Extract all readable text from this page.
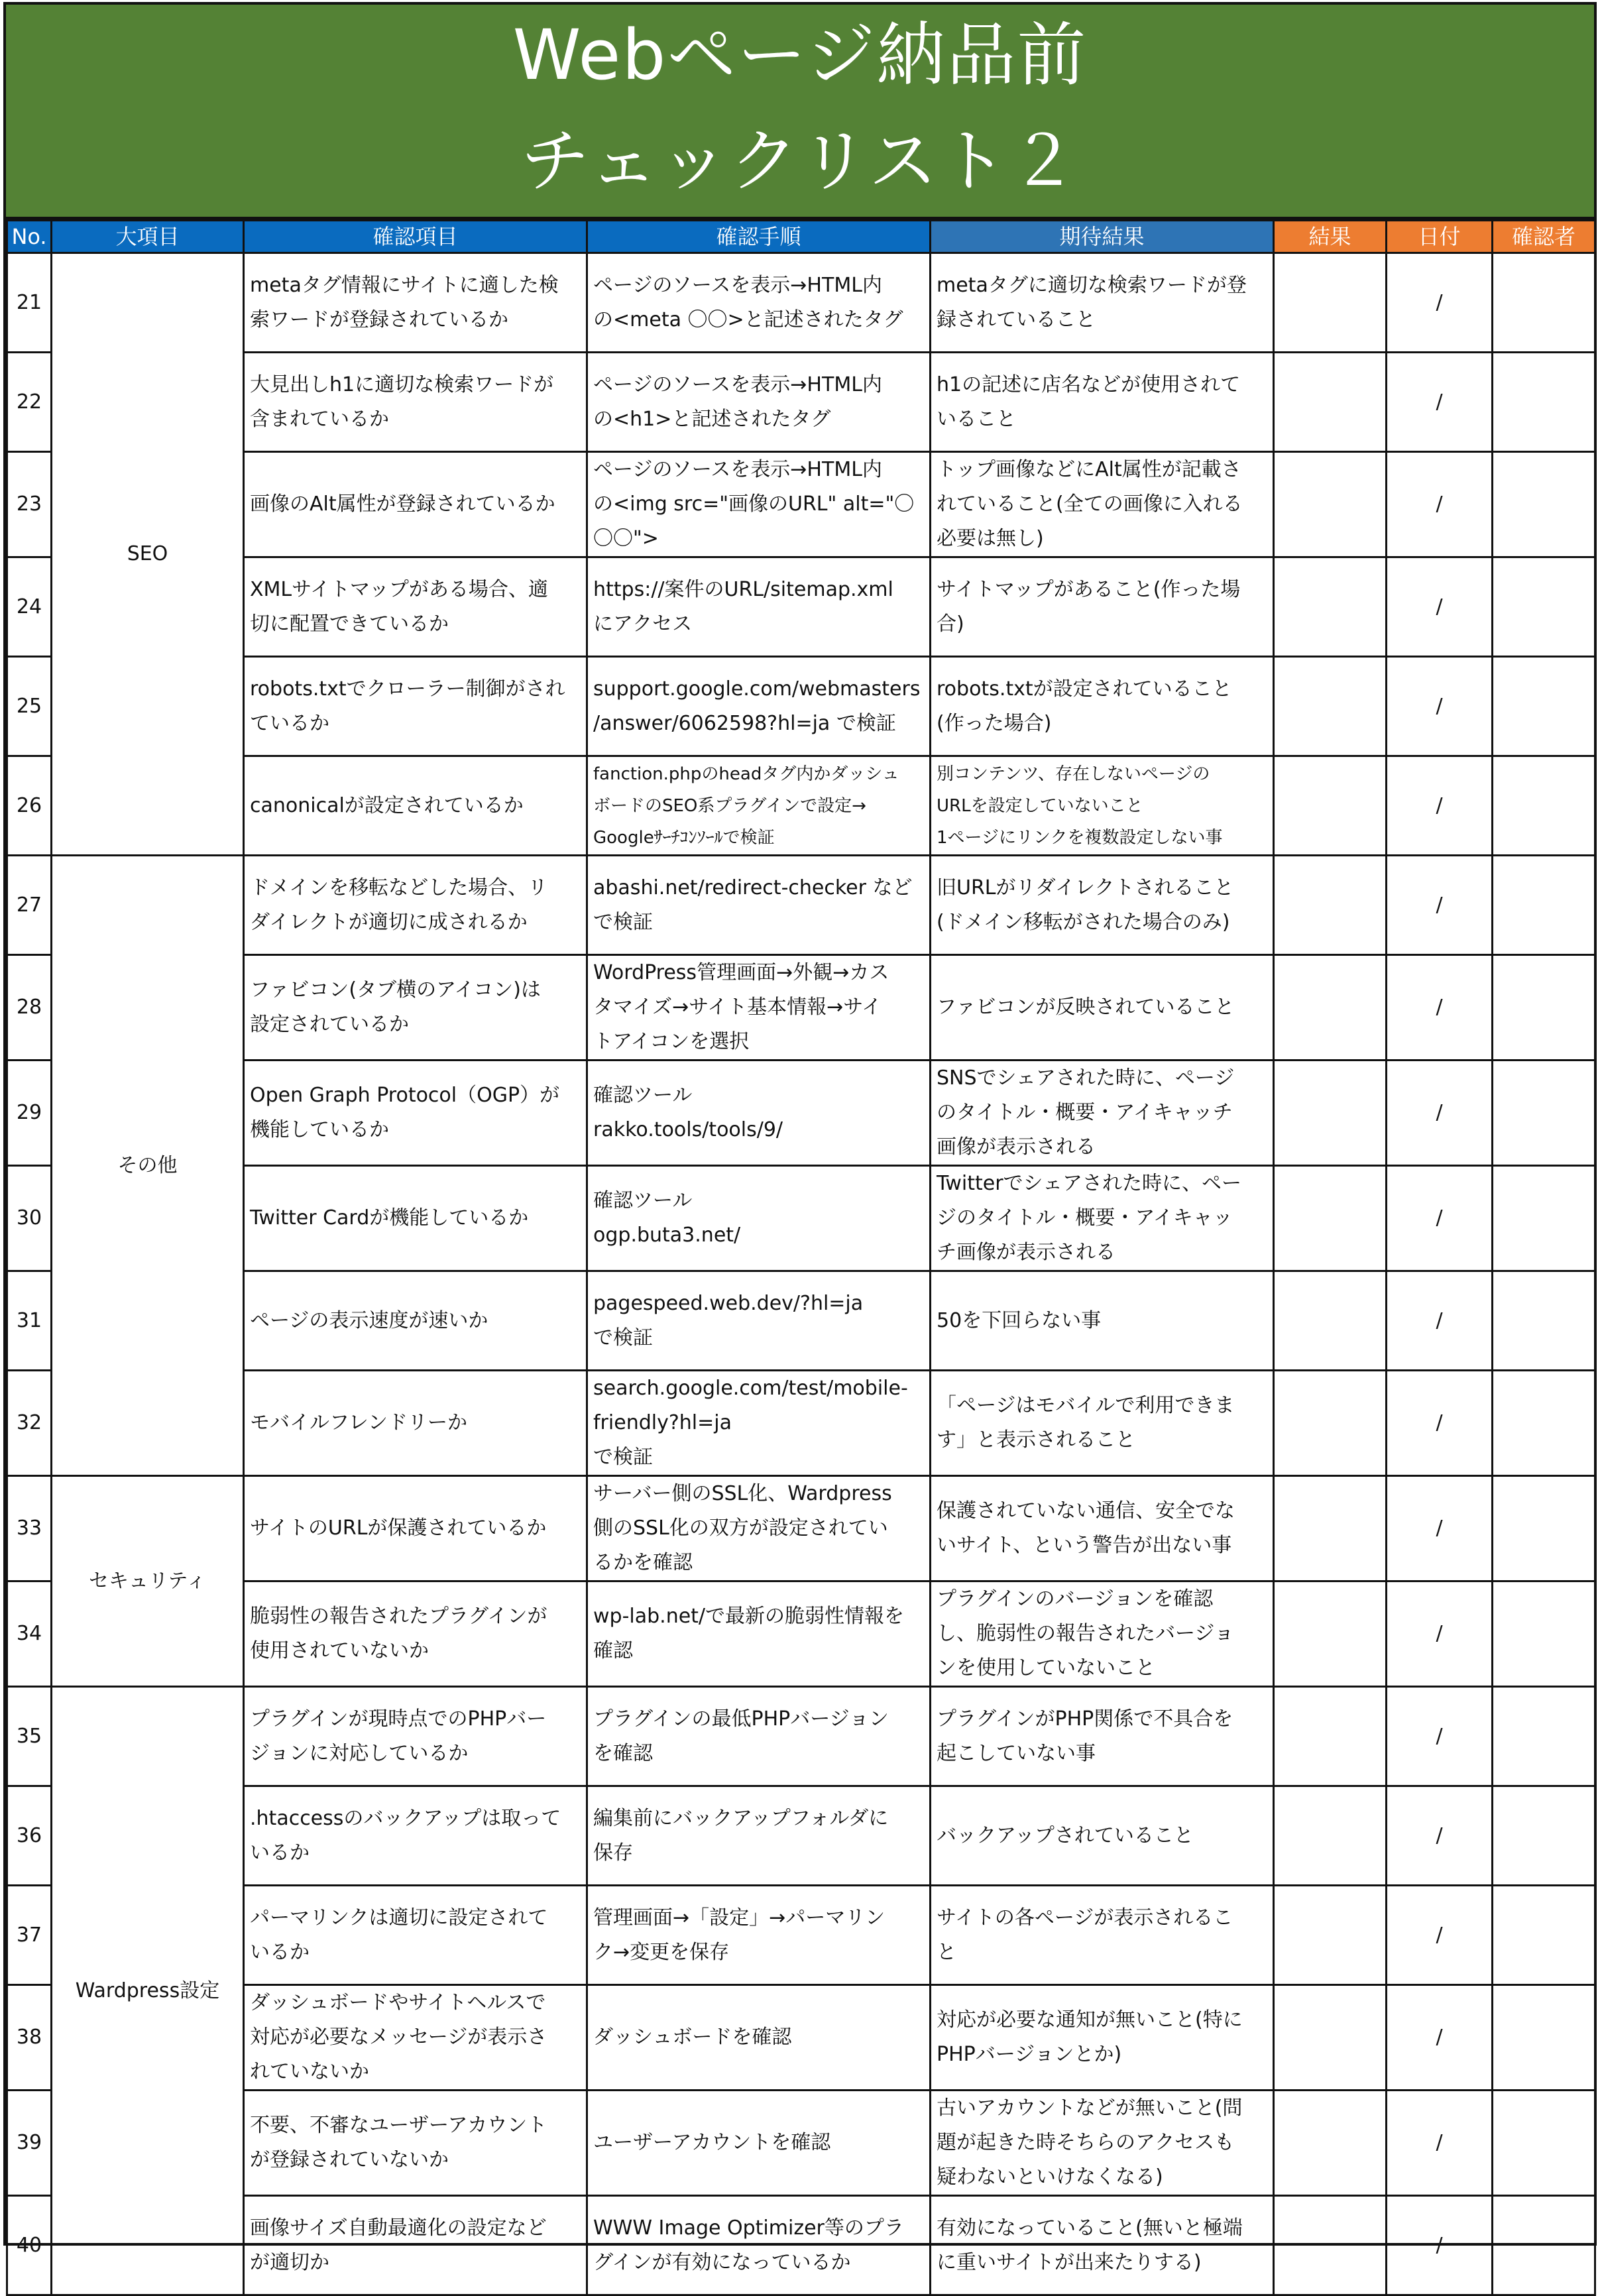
Webページ納品前
チェックリスト２
No.	大項目	確認項目	確認手順	期待結果	結果	日付	確認者
21	SEO	metaタグ情報にサイトに適した検
索ワードが登録されているか	ページのソースを表示→HTML内
の<meta 〇〇>と記述されたタグ	metaタグに適切な検索ワードが登
録されていること		/	
22		大見出しh1に適切な検索ワードが
含まれているか	ページのソースを表示→HTML内
の<h1>と記述されたタグ	h1の記述に店名などが使用されて
いること		/	
23		画像のAlt属性が登録されているか	ページのソースを表示→HTML内
の<img src="画像のURL" alt="〇
〇〇">	トップ画像などにAlt属性が記載さ
れていること(全ての画像に入れる
必要は無し)		/	
24		XMLサイトマップがある場合、適
切に配置できているか	https://案件のURL/sitemap.xml
にアクセス	サイトマップがあること(作った場
合)		/	
25		robots.txtでクローラー制御がされ
ているか	support.google.com/webmasters
/answer/6062598?hl=ja で検証	robots.txtが設定されていること
(作った場合)		/	
26		canonicalが設定されているか	fanction.phpのheadタグ内かダッシュ
ボードのSEO系プラグインで設定→
Googleｻｰﾁｺﾝｿｰﾙで検証	別コンテンツ、存在しないページの
URLを設定していないこと
1ページにリンクを複数設定しない事		/	
27	その他	ドメインを移転などした場合、リ
ダイレクトが適切に成されるか	abashi.net/redirect-checker など
で検証	旧URLがリダイレクトされること
(ドメイン移転がされた場合のみ)		/	
28		ファビコン(タブ横のアイコン)は
設定されているか	WordPress管理画面→外観→カス
タマイズ→サイト基本情報→サイ
トアイコンを選択	ファビコンが反映されていること		/	
29		Open Graph Protocol（OGP）が
機能しているか	確認ツール
rakko.tools/tools/9/	SNSでシェアされた時に、ページ
のタイトル・概要・アイキャッチ
画像が表示される		/	
30		Twitter Cardが機能しているか	確認ツール
ogp.buta3.net/	Twitterでシェアされた時に、ペー
ジのタイトル・概要・アイキャッ
チ画像が表示される		/	
31		ページの表示速度が速いか	pagespeed.web.dev/?hl=ja
で検証	50を下回らない事		/	
32		モバイルフレンドリーか	search.google.com/test/mobile-
friendly?hl=ja
で検証	「ページはモバイルで利用できま
す」と表示されること		/	
33	セキュリティ	サイトのURLが保護されているか	サーバー側のSSL化、Wardpress
側のSSL化の双方が設定されてい
るかを確認	保護されていない通信、安全でな
いサイト、という警告が出ない事		/	
34		脆弱性の報告されたプラグインが
使用されていないか	wp-lab.net/で最新の脆弱性情報を
確認	プラグインのバージョンを確認
し、脆弱性の報告されたバージョ
ンを使用していないこと		/	
35	Wardpress設定	プラグインが現時点でのPHPバー
ジョンに対応しているか	プラグインの最低PHPバージョン
を確認	プラグインがPHP関係で不具合を
起こしていない事		/	
36		.htaccessのバックアップは取って
いるか	編集前にバックアップフォルダに
保存	バックアップされていること		/	
37		パーマリンクは適切に設定されて
いるか	管理画面→「設定」→パーマリン
ク→変更を保存	サイトの各ページが表示されるこ
と		/	
38		ダッシュボードやサイトヘルスで
対応が必要なメッセージが表示さ
れていないか	ダッシュボードを確認	対応が必要な通知が無いこと(特に
PHPバージョンとか)		/	
39		不要、不審なユーザーアカウント
が登録されていないか	ユーザーアカウントを確認	古いアカウントなどが無いこと(問
題が起きた時そちらのアクセスも
疑わないといけなくなる)		/	
40		画像サイズ自動最適化の設定など
が適切か	WWW Image Optimizer等のプラ
グインが有効になっているか	有効になっていること(無いと極端
に重いサイトが出来たりする)		/	
